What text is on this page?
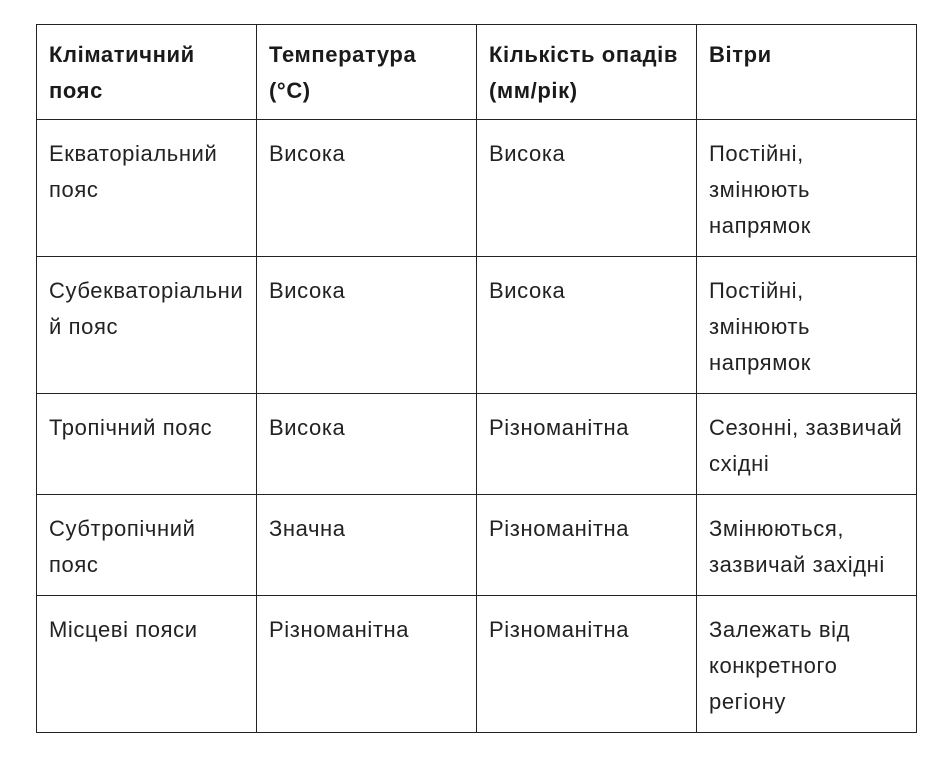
Кліматичний пояс	Температура (°C)	Кількість опадів (мм/рік)	Вітри
Екваторіальний пояс	Висока	Висока	Постійні, змінюють напрямок
Субекваторіальний пояс	Висока	Висока	Постійні, змінюють напрямок
Тропічний пояс	Висока	Різноманітна	Сезонні, зазвичай східні
Субтропічний пояс	Значна	Різноманітна	Змінюються, зазвичай західні
Місцеві пояси	Різноманітна	Різноманітна	Залежать від конкретного регіону
